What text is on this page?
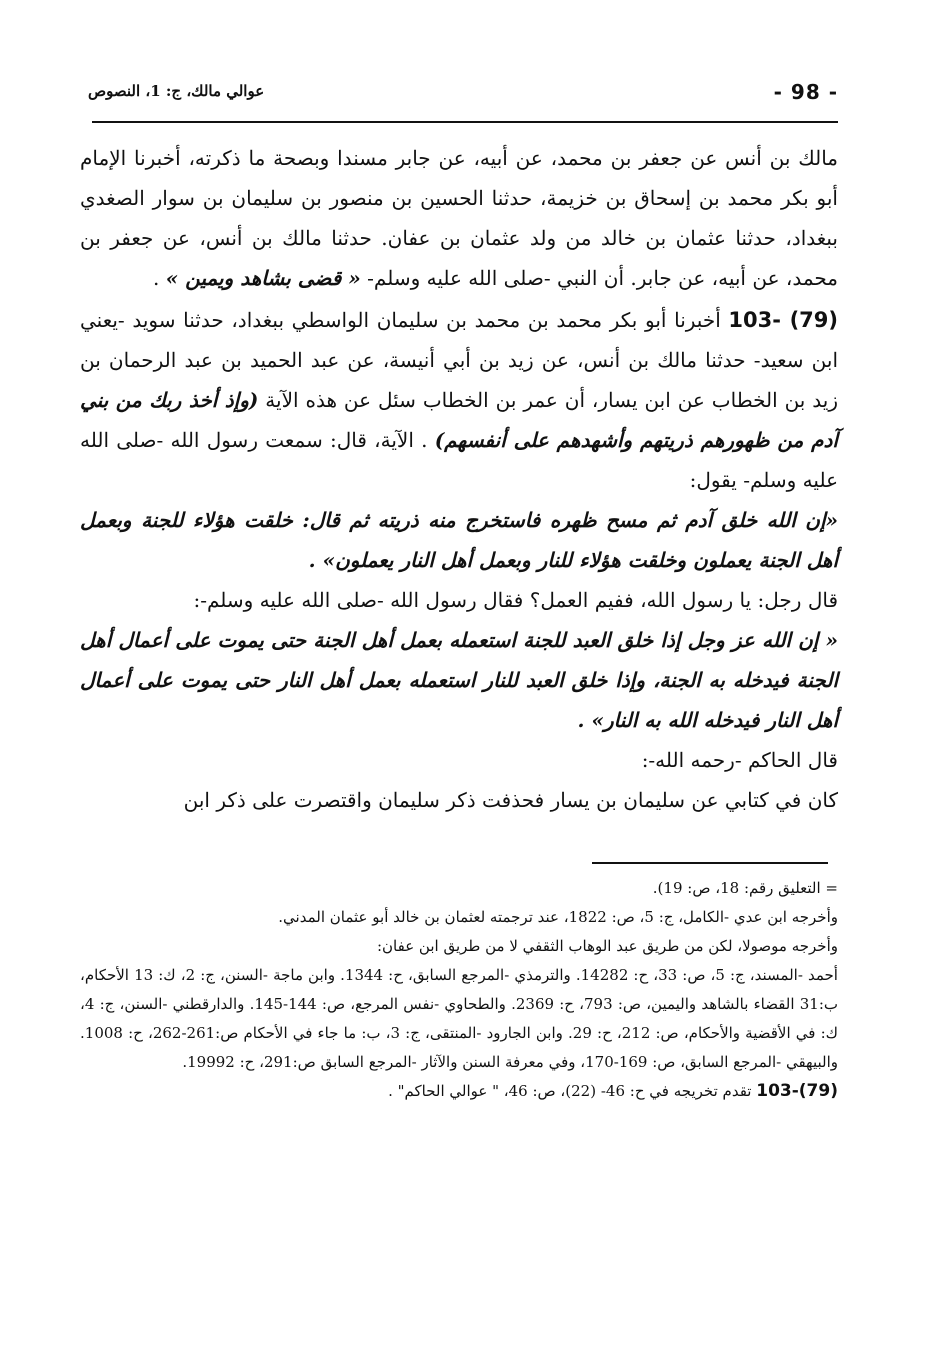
- 98 -
عوالي مالك، ج: 1، النصوص

مالك بن أنس عن جعفر بن محمد، عن أبيه، عن جابر مسندا وبصحة ما ذكرته، أخبرنا الإمام أبو بكر محمد بن إسحاق بن خزيمة، حدثنا الحسين بن منصور بن سليمان بن سوار الصغدي ببغداد، حدثنا عثمان بن خالد من ولد عثمان بن عفان. حدثنا مالك بن أنس، عن جعفر بن محمد، عن أبيه، عن جابر. أن النبي -صلى الله عليه وسلم- « قضى بشاهد ويمين » .

103- (79) أخبرنا أبو بكر محمد بن محمد بن سليمان الواسطي ببغداد، حدثنا سويد -يعني ابن سعيد- حدثنا مالك بن أنس، عن زيد بن أبي أنيسة، عن عبد الحميد بن عبد الرحمان بن زيد بن الخطاب عن ابن يسار، أن عمر بن الخطاب سئل عن هذه الآية (وإذ أخذ ربك من بني آدم من ظهورهم ذريتهم وأشهدهم على أنفسهم) . الآية، قال: سمعت رسول الله -صلى الله عليه وسلم- يقول:

«إن الله خلق آدم ثم مسح ظهره فاستخرج منه ذريته ثم قال: خلقت هؤلاء للجنة وبعمل أهل الجنة يعملون وخلقت هؤلاء للنار وبعمل أهل النار يعملون» .

قال رجل: يا رسول الله، ففيم العمل؟ فقال رسول الله -صلى الله عليه وسلم-:

« إن الله عز وجل إذا خلق العبد للجنة استعمله بعمل أهل الجنة حتى يموت على أعمال أهل الجنة فيدخله به الجنة، وإذا خلق العبد للنار استعمله بعمل أهل النار حتى يموت على أعمال أهل النار فيدخله الله به النار» .

قال الحاكم -رحمه الله-:

كان في كتابي عن سليمان بن يسار فحذفت ذكر سليمان واقتصرت على ذكر ابن

= التعليق رقم: 18، ص: 19).

وأخرجه ابن عدي -الكامل، ج: 5، ص: 1822، عند ترجمته لعثمان بن خالد أبو عثمان المدني.

وأخرجه موصولا، لكن من طريق عبد الوهاب الثقفي لا من طريق ابن عفان:

أحمد -المسند، ج: 5، ص: 33، ح: 14282. والترمذي -المرجع السابق، ح: 1344. وابن ماجة -السنن، ج: 2، ك: 13 الأحكام، ب:31 القضاء بالشاهد واليمين، ص: 793، ح: 2369. والطحاوي -نفس المرجع، ص: 144-145. والدارقطني -السنن، ج: 4، ك: في الأقضية والأحكام، ص: 212، ح: 29. وابن الجارود -المنتقى، ج: 3، ب: ما جاء في الأحكام ص:261-262، ح: 1008. والبيهقي -المرجع السابق، ص: 169-170، وفي معرفة السنن والآثار -المرجع السابق ص:291، ح: 19992.

103-(79) تقدم تخريجه في ح: 46- (22)، ص: 46، " عوالي الحاكم" .
